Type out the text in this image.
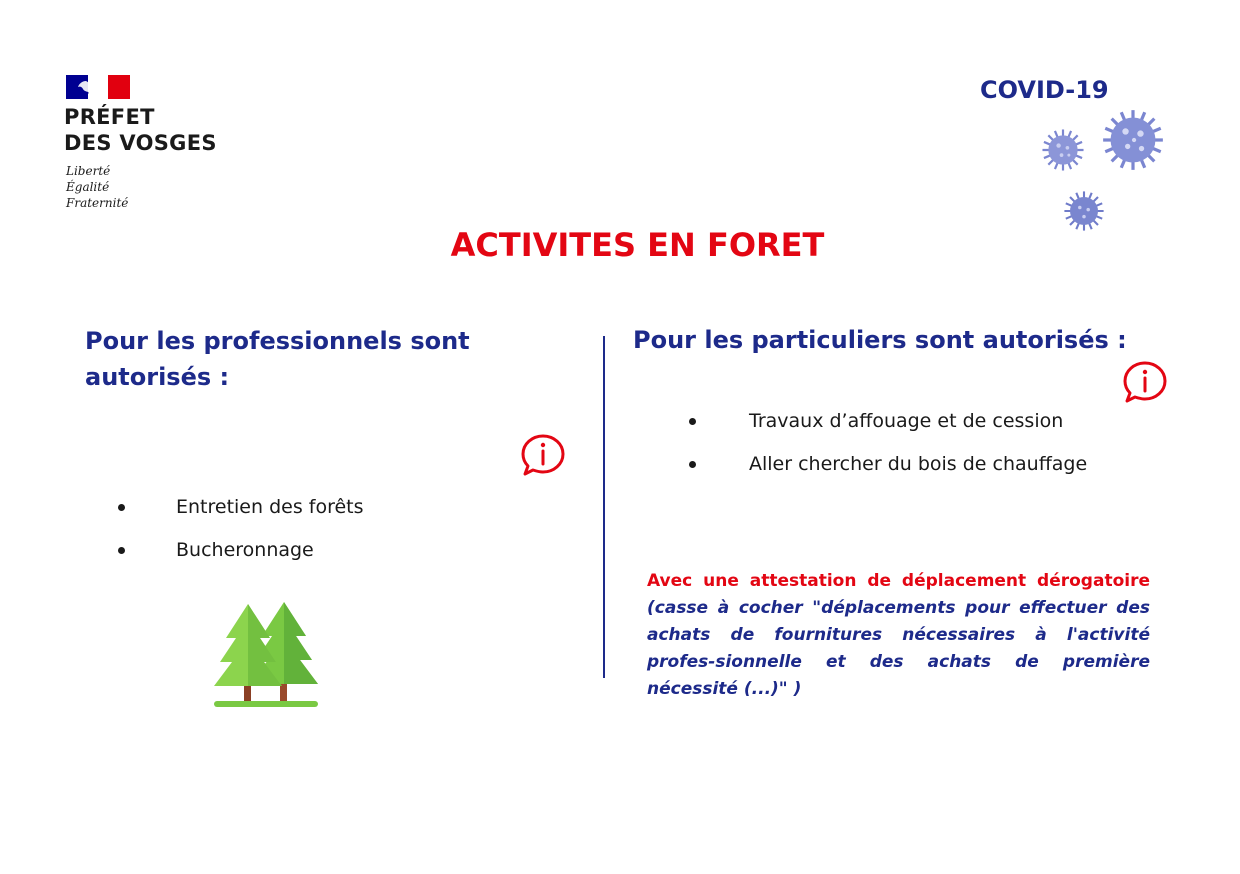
PRÉFET
DES VOSGES
Liberté
Égalité
Fraternité
COVID-19
ACTIVITES EN FORET
Pour les professionnels sont autorisés :
Pour les particuliers sont autorisés :
Entretien des forêts
Bucheronnage
Travaux d’affouage et de cession
Aller chercher du bois de chauffage
Avec une attestation de déplacement dérogatoire (casse à cocher "déplacements pour effectuer des achats de fournitures nécessaires à l'activité profes-sionnelle et des achats de première nécessité (...)" )
